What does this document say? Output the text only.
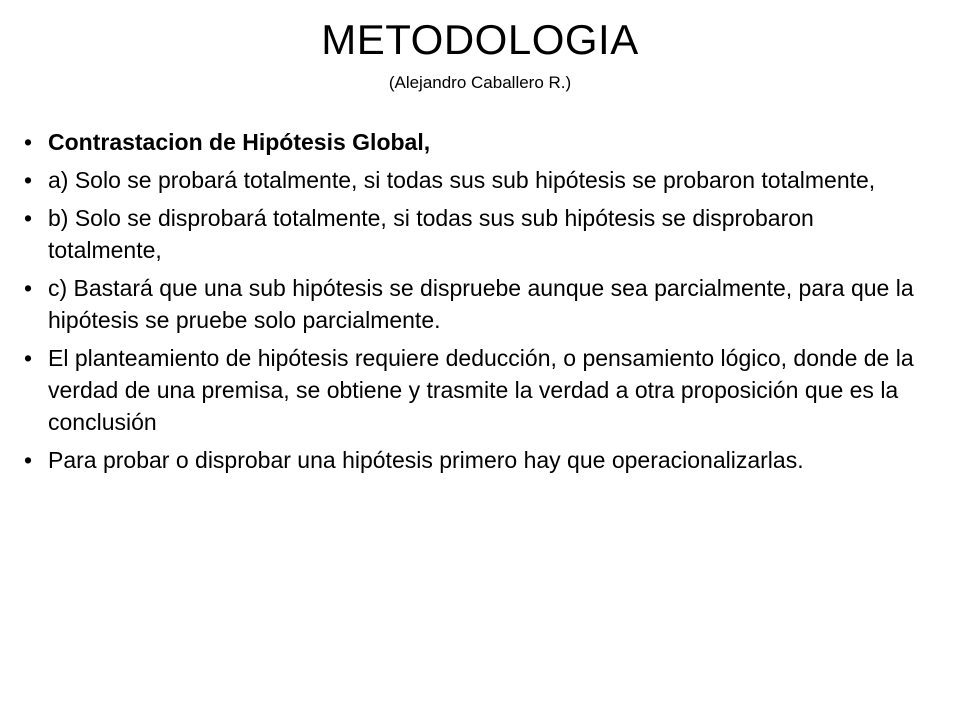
METODOLOGIA
(Alejandro Caballero R.)
• Contrastacion de Hipótesis Global,
• a) Solo se probará totalmente, si todas sus sub hipótesis se probaron totalmente,
• b) Solo se disprobará totalmente, si todas sus sub hipótesis se disprobaron totalmente,
• c) Bastará que una sub hipótesis se dispruebe aunque sea parcialmente, para que la hipótesis se pruebe solo parcialmente.
• El planteamiento de hipótesis requiere deducción, o pensamiento lógico, donde de la verdad de una premisa, se obtiene y trasmite la verdad a otra proposición que es la conclusión
• Para probar o disprobar una hipótesis primero hay que operacionalizarlas.
